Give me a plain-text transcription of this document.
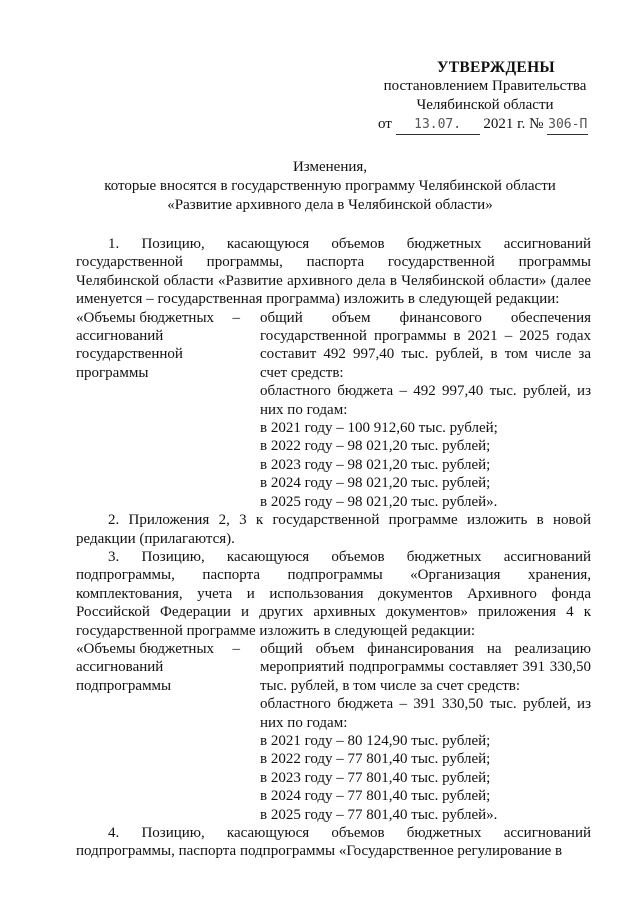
УТВЕРЖДЕНЫ
постановлением Правительства
Челябинской области
от 13.07. 2021 г. № 306-П
Изменения,
которые вносятся в государственную программу Челябинской области
«Развитие архивного дела в Челябинской области»

1. Позицию, касающуюся объемов бюджетных ассигнований государственной программы, паспорта государственной программы Челябинской области «Развитие архивного дела в Челябинской области» (далее именуется – государственная программа) изложить в следующей редакции:

«Объемы бюджетных ассигнований государственной программы
– общий объем финансового обеспечения государственной программы в 2021 – 2025 годах составит 492 997,40 тыс. рублей, в том числе за счет средств:

областного бюджета – 492 997,40 тыс. рублей, из них по годам:

в 2021 году – 100 912,60 тыс. рублей;

в 2022 году – 98 021,20 тыс. рублей;

в 2023 году – 98 021,20 тыс. рублей;

в 2024 году – 98 021,20 тыс. рублей;

в 2025 году – 98 021,20 тыс. рублей».

2. Приложения 2, 3 к государственной программе изложить в новой редакции (прилагаются).

3. Позицию, касающуюся объемов бюджетных ассигнований подпрограммы, паспорта подпрограммы «Организация хранения, комплектования, учета и использования документов Архивного фонда Российской Федерации и других архивных документов» приложения 4 к государственной программе изложить в следующей редакции:

«Объемы бюджетных ассигнований подпрограммы
– общий объем финансирования на реализацию мероприятий подпрограммы составляет 391 330,50 тыс. рублей, в том числе за счет средств:

областного бюджета – 391 330,50 тыс. рублей, из них по годам:

в 2021 году – 80 124,90 тыс. рублей;

в 2022 году – 77 801,40 тыс. рублей;

в 2023 году – 77 801,40 тыс. рублей;

в 2024 году – 77 801,40 тыс. рублей;

в 2025 году – 77 801,40 тыс. рублей».

4. Позицию, касающуюся объемов бюджетных ассигнований подпрограммы, паспорта подпрограммы «Государственное регулирование в
